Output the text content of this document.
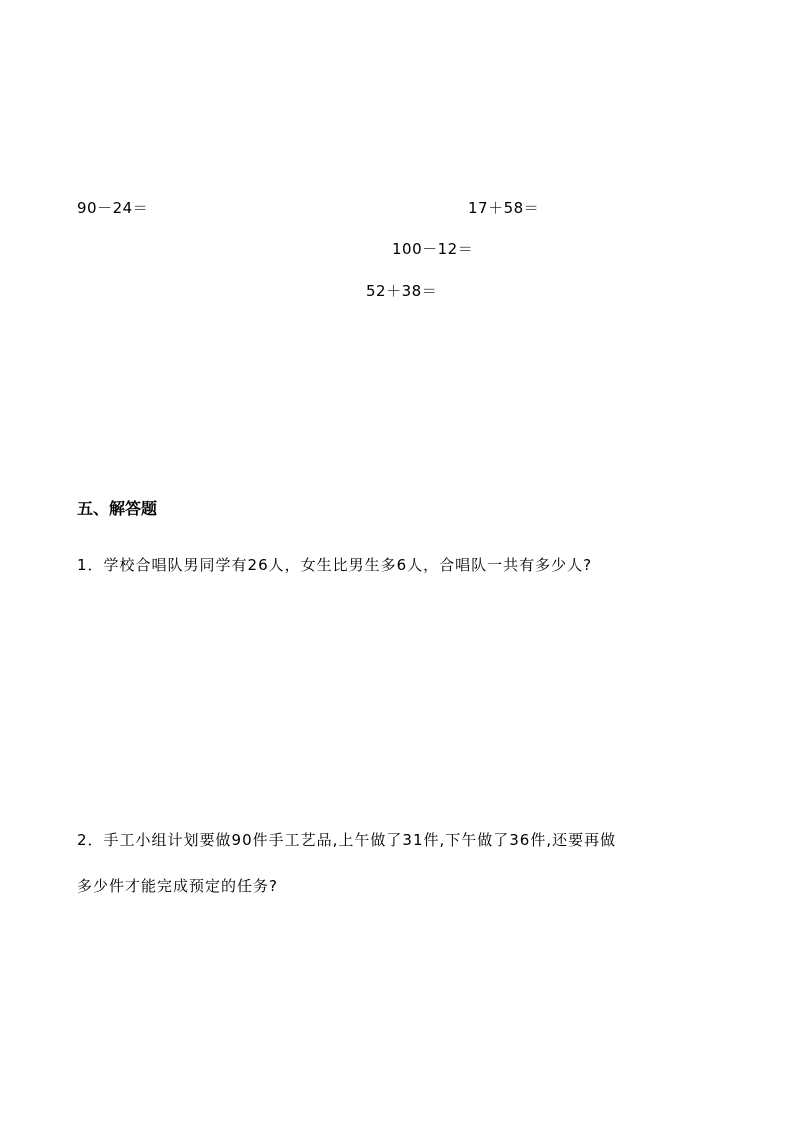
90－24＝	17＋58＝
100－12＝
52＋38＝
五、解答题
1．学校合唱队男同学有26人，女生比男生多6人，合唱队一共有多少人?
2．手工小组计划要做90件手工艺品,上午做了31件,下午做了36件,还要再做
多少件才能完成预定的任务?
